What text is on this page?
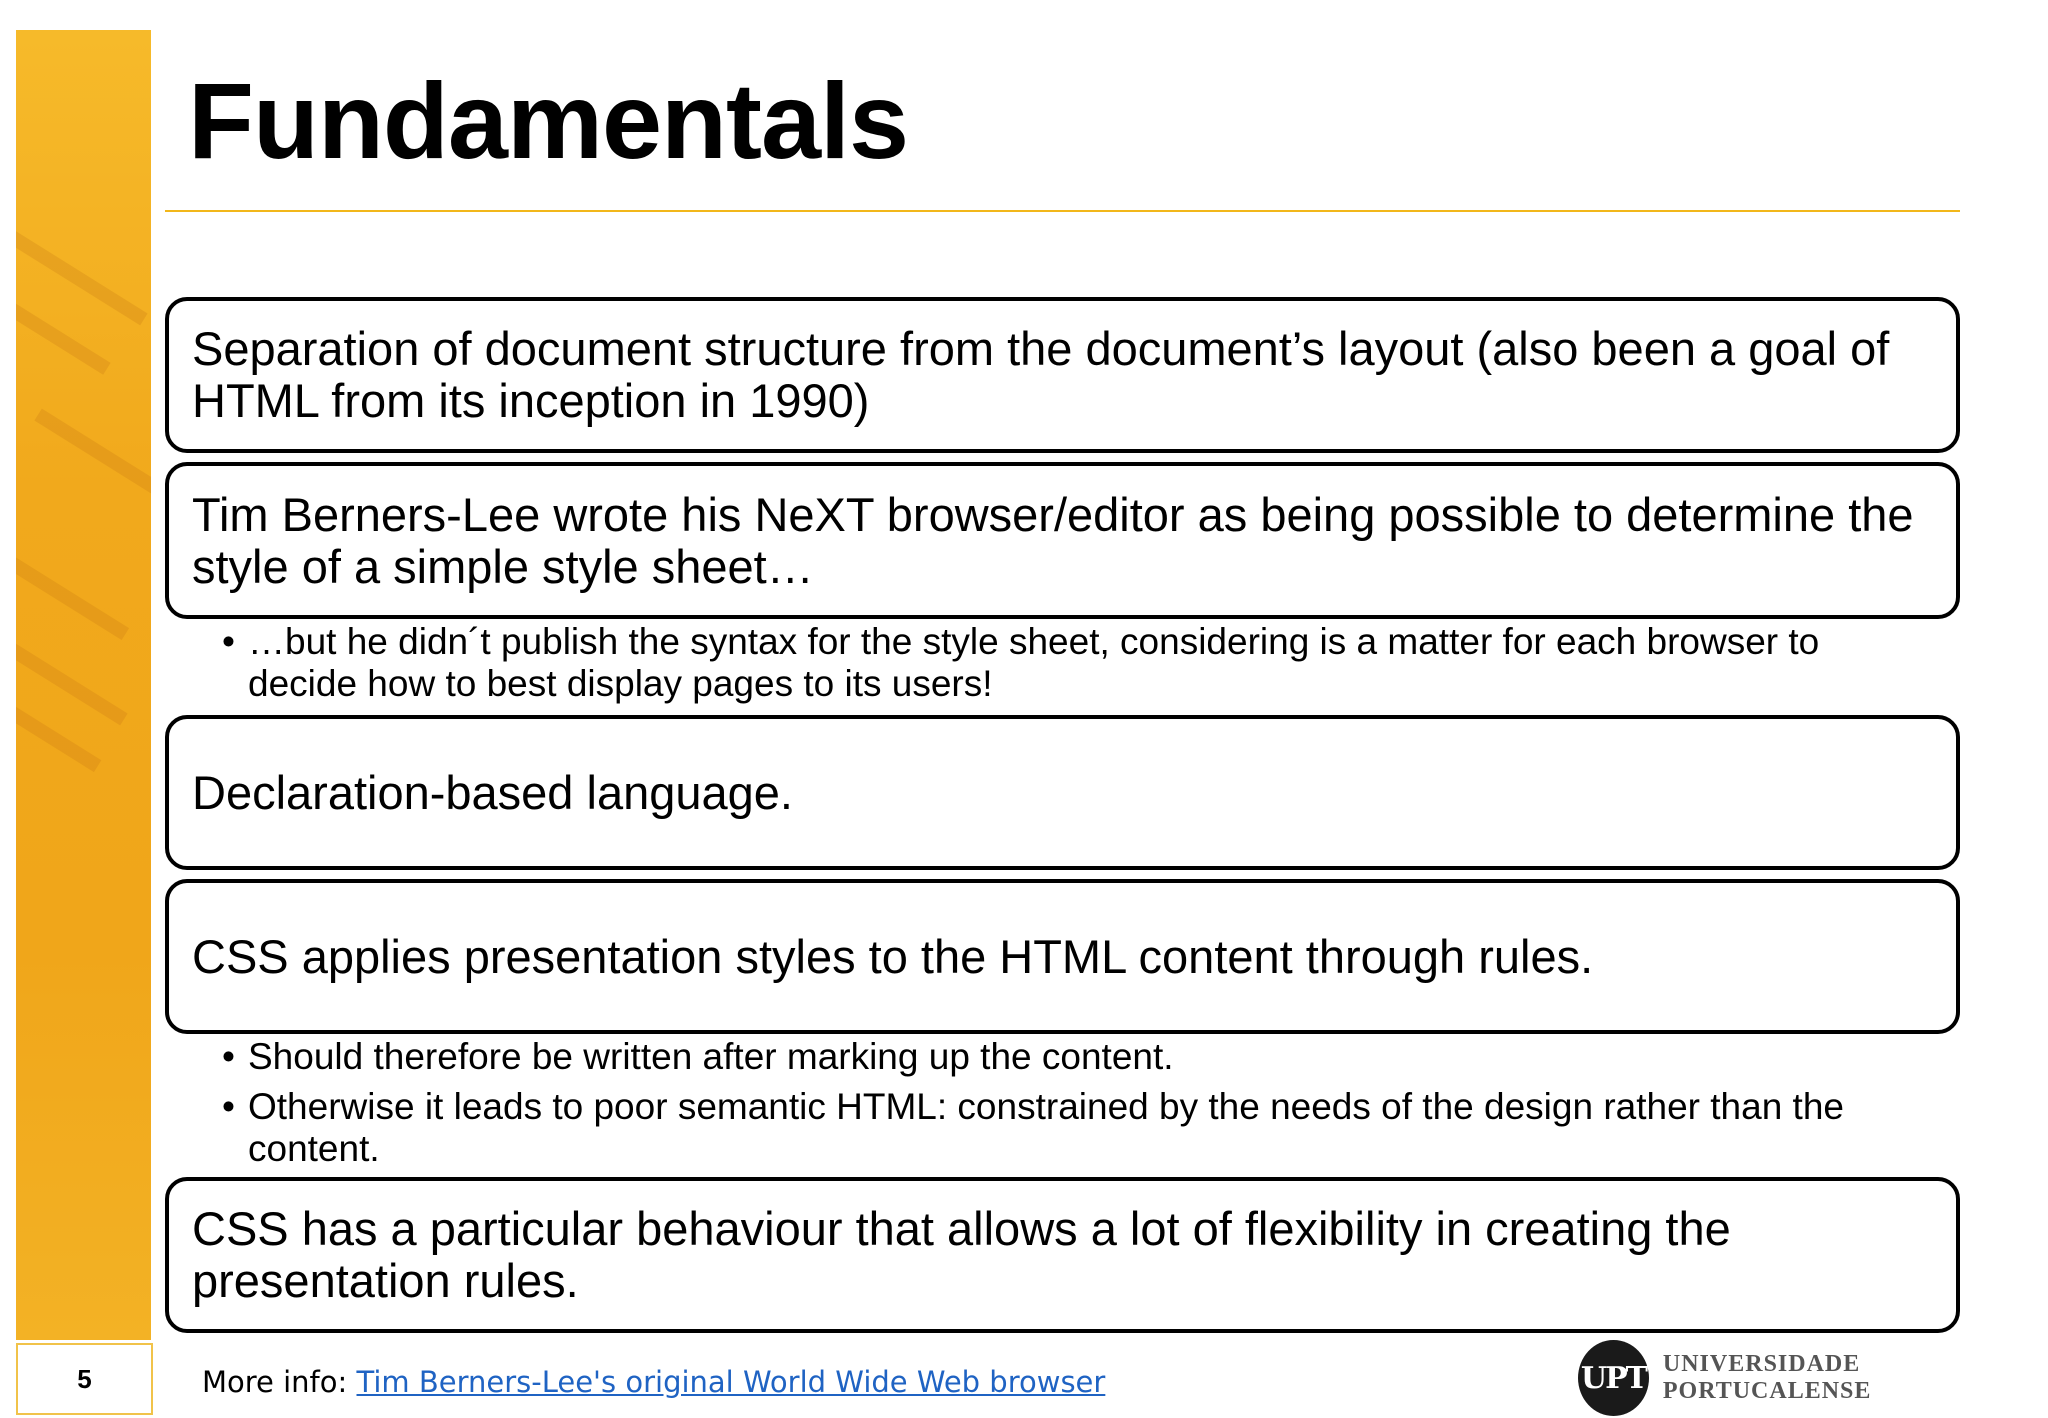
5
Fundamentals
Separation of document structure from the document’s layout (also been a goal of HTML from its inception in 1990)
Tim Berners-Lee wrote his NeXT browser/editor as being possible to determine the style of a simple style sheet…
• …but he didn´t publish the syntax for the style sheet, considering is a matter for each browser to decide how to best display pages to its users!
Declaration-based language.
CSS applies presentation styles to the HTML content through rules.
• Should therefore be written after marking up the content.
• Otherwise it leads to poor semantic HTML: constrained by the needs of the design rather than the content.
CSS has a particular behaviour that allows a lot of flexibility in creating the presentation rules.
More info: Tim Berners-Lee's original World Wide Web browser	UPT UNIVERSIDADE PORTUCALENSE
